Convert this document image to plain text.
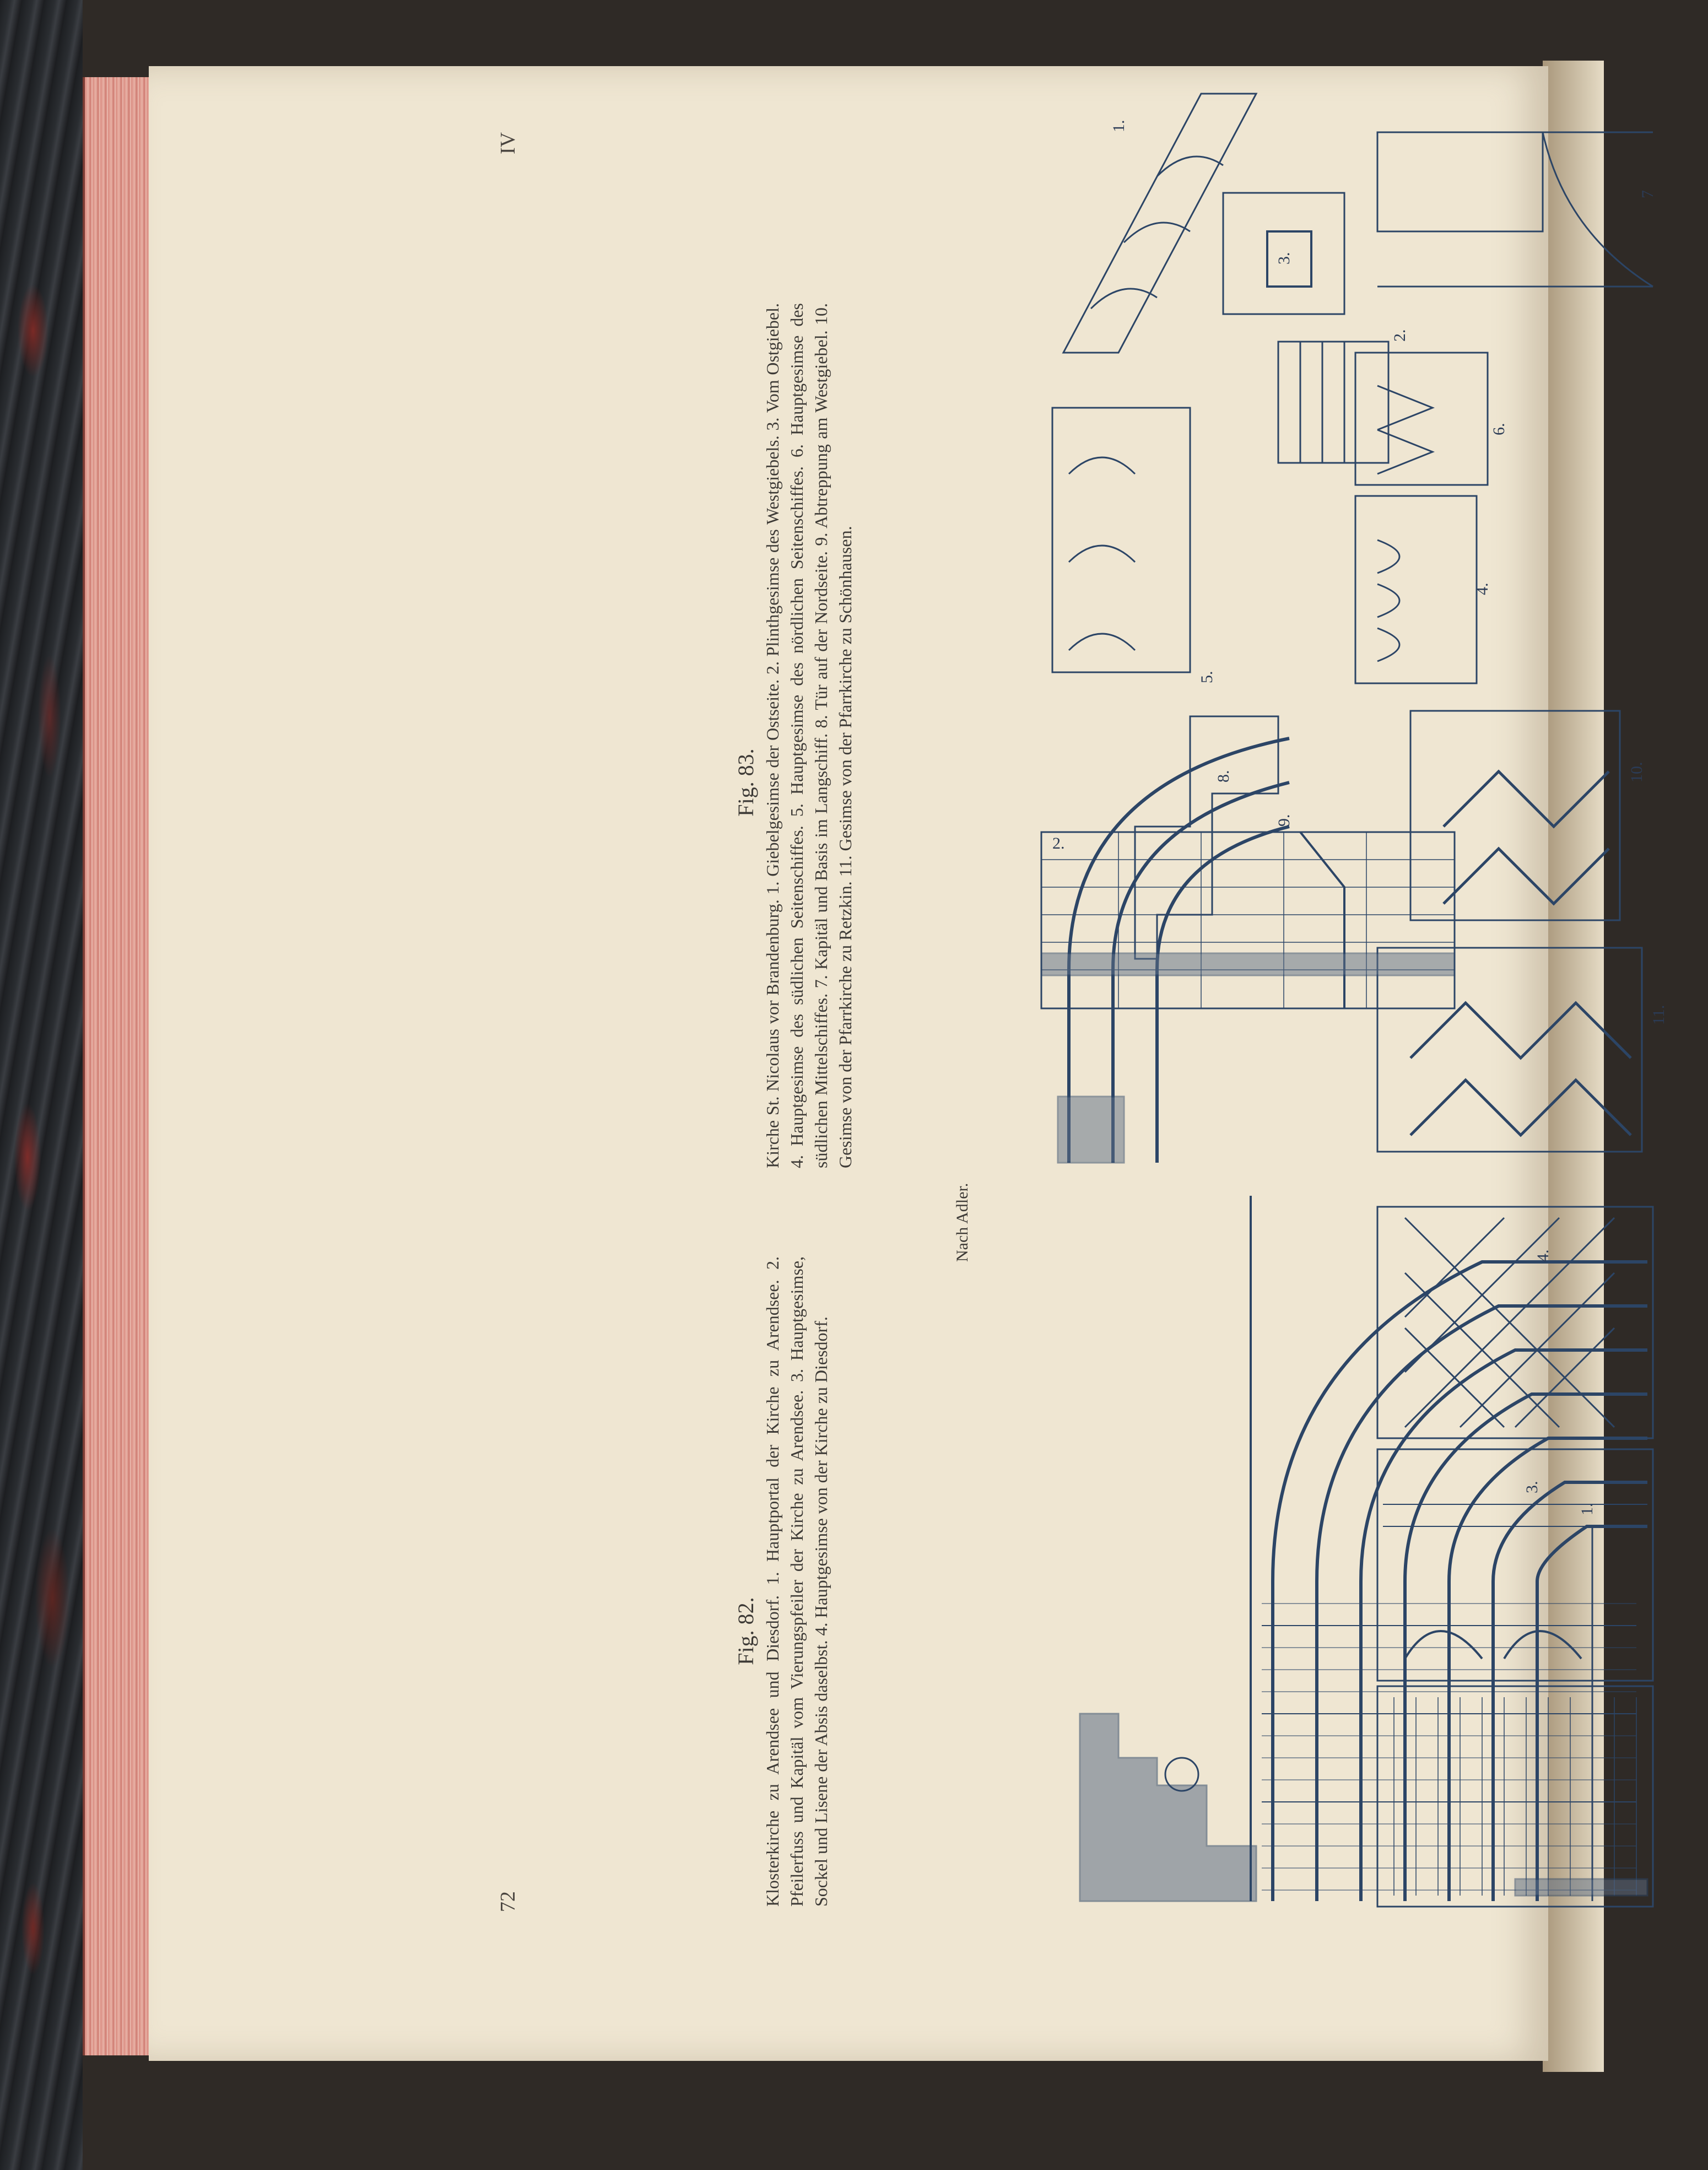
72
IV
Fig. 82. Klosterkirche zu Arendsee und Diesdorf. 1. Hauptportal der Kirche zu Arendsee. 2. Pfeilerfuss und Kapitäl vom Vierungspfeiler der Kirche zu Arendsee. 3. Hauptgesimse, Sockel und Lisene der Absis daselbst. 4. Hauptgesimse von der Kirche zu Diesdorf.
Fig. 83. Kirche St. Nicolaus vor Brandenburg. 1. Giebelgesimse der Ostseite. 2. Plinthgesimse des Westgiebels. 3. Vom Ostgiebel. 4. Hauptgesimse des südlichen Seitenschiffes. 5. Hauptgesimse des nördlichen Seitenschiffes. 6. Hauptgesimse des südlichen Mittelschiffes. 7. Kapitäl und Basis im Langschiff. 8. Tür auf der Nordseite. 9. Abtreppung am Westgiebel. 10. Gesimse von der Pfarrkirche zu Retzkin. 11. Gesimse von der Pfarrkirche zu Schönhausen.
Nach Adler.
1.
1.
2.
3.
4.
5.
6.
7
8.
9.
10.
11.
3.
4.
2.
